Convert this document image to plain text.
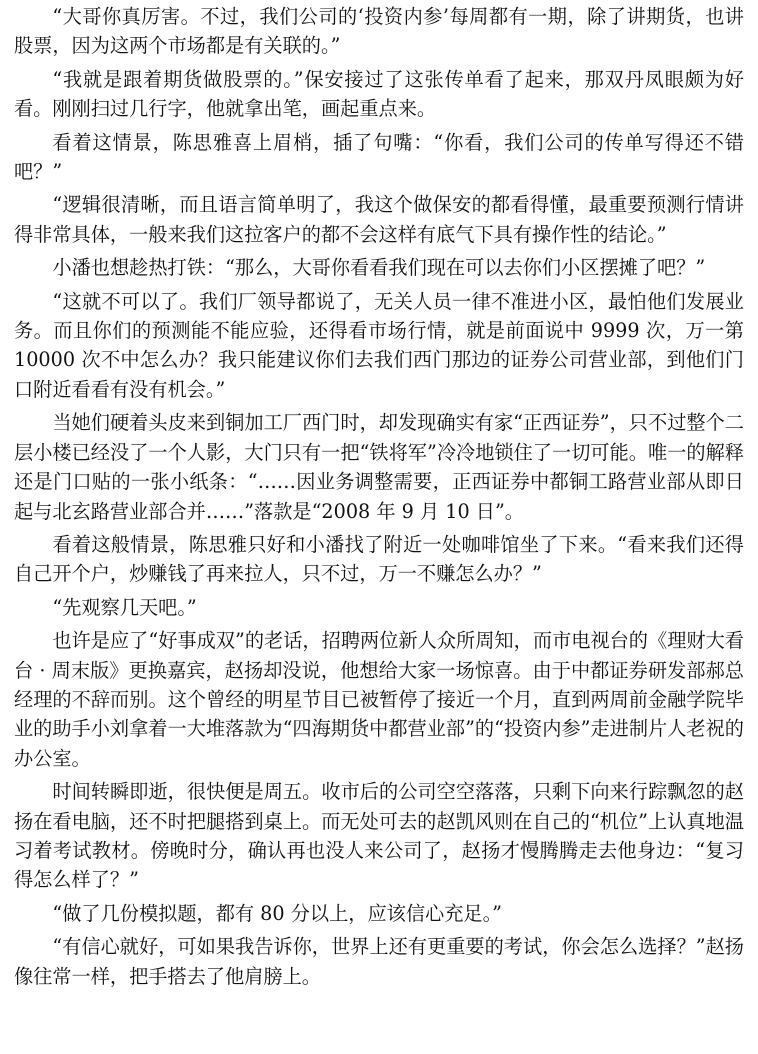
“大哥你真厉害。不过，我们公司的‘投资内参’每周都有一期，除了讲期货，也讲股票，因为这两个市场都是有关联的。”

“我就是跟着期货做股票的。”保安接过了这张传单看了起来，那双丹凤眼颇为好看。刚刚扫过几行字，他就拿出笔，画起重点来。

看着这情景，陈思雅喜上眉梢，插了句嘴：“你看，我们公司的传单写得还不错吧？”

“逻辑很清晰，而且语言简单明了，我这个做保安的都看得懂，最重要预测行情讲得非常具体，一般来我们这拉客户的都不会这样有底气下具有操作性的结论。”

小潘也想趁热打铁：“那么，大哥你看看我们现在可以去你们小区摆摊了吧？”

“这就不可以了。我们厂领导都说了，无关人员一律不准进小区，最怕他们发展业务。而且你们的预测能不能应验，还得看市场行情，就是前面说中 9999 次，万一第 10000 次不中怎么办？我只能建议你们去我们西门那边的证券公司营业部，到他们门口附近看看有没有机会。”

当她们硬着头皮来到铜加工厂西门时，却发现确实有家“正西证券”，只不过整个二层小楼已经没了一个人影，大门只有一把“铁将军”冷冷地锁住了一切可能。唯一的解释还是门口贴的一张小纸条：“……因业务调整需要，正西证券中都铜工路营业部从即日起与北玄路营业部合并……”落款是“2008 年 9 月 10 日”。

看着这般情景，陈思雅只好和小潘找了附近一处咖啡馆坐了下来。“看来我们还得自己开个户，炒赚钱了再来拉人，只不过，万一不赚怎么办？”

“先观察几天吧。”

也许是应了“好事成双”的老话，招聘两位新人众所周知，而市电视台的《理财大看台 · 周末版》更换嘉宾，赵扬却没说，他想给大家一场惊喜。由于中都证券研发部郝总经理的不辞而别。这个曾经的明星节目已被暂停了接近一个月，直到两周前金融学院毕业的助手小刘拿着一大堆落款为“四海期货中都营业部”的“投资内参”走进制片人老祝的办公室。

时间转瞬即逝，很快便是周五。收市后的公司空空落落，只剩下向来行踪飘忽的赵扬在看电脑，还不时把腿搭到桌上。而无处可去的赵凯风则在自己的“机位”上认真地温习着考试教材。傍晚时分，确认再也没人来公司了，赵扬才慢腾腾走去他身边：“复习得怎么样了？”

“做了几份模拟题，都有 80 分以上，应该信心充足。”

“有信心就好，可如果我告诉你，世界上还有更重要的考试，你会怎么选择？”赵扬像往常一样，把手搭去了他肩膀上。
